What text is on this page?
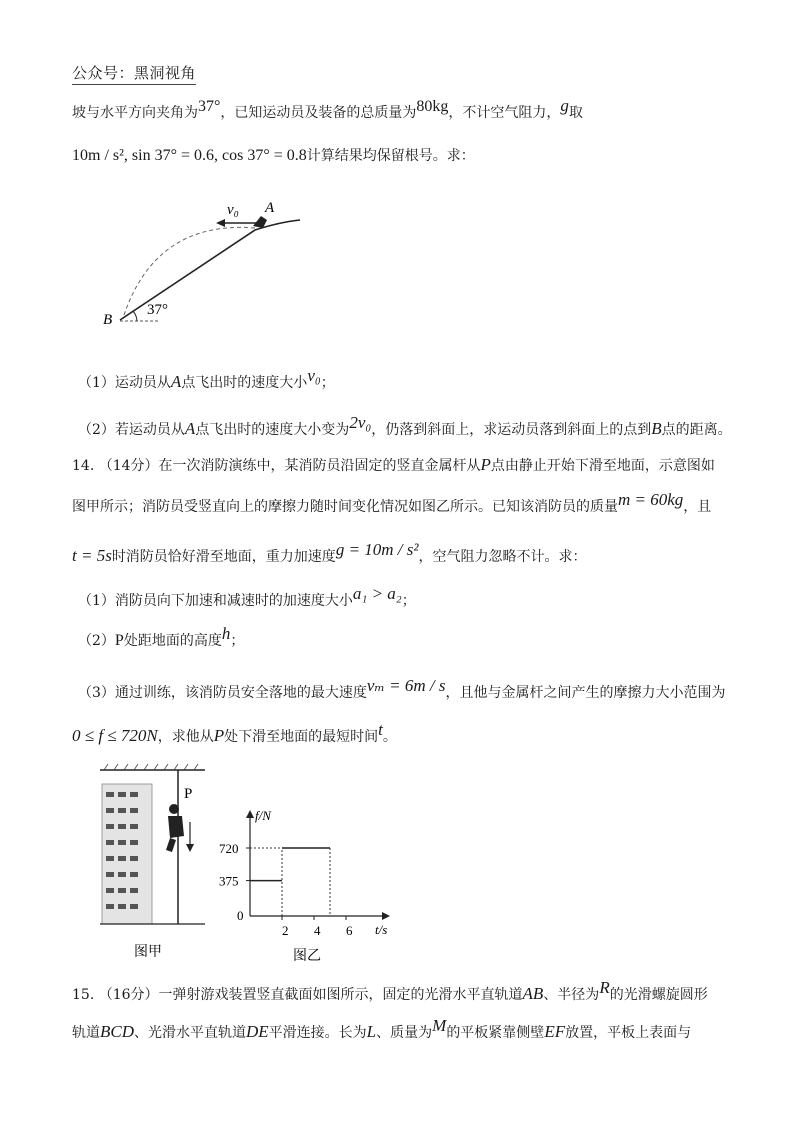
公众号：黑洞视角
坡与水平方向夹角为37°，已知运动员及装备的总质量为80kg，不计空气阻力，g取
10m / s², sin 37° = 0.6, cos 37° = 0.8计算结果均保留根号。求：
v₀ A
B
37°
（1）运动员从A点飞出时的速度大小v₀；
（2）若运动员从A点飞出时的速度大小变为2v₀，仍落到斜面上，求运动员落到斜面上的点到B点的距离。
14. （14分）在一次消防演练中，某消防员沿固定的竖直金属杆从P点由静止开始下滑至地面，示意图如
图甲所示；消防员受竖直向上的摩擦力随时间变化情况如图乙所示。已知该消防员的质量m = 60kg，且
t = 5s时消防员恰好滑至地面，重力加速度g = 10m / s²，空气阻力忽略不计。求：
（1）消防员向下加速和减速时的加速度大小a₁ > a₂；
（2）P处距地面的高度h；
（3）通过训练，该消防员安全落地的最大速度vₘ = 6m / s，且他与金属杆之间产生的摩擦力大小范围为
0 ≤ f ≤ 720N，求他从P处下滑至地面的最短时间t。
P
图甲
f/N
t/s
720
375
0
2 4 6
图乙
15. （16分）一弹射游戏装置竖直截面如图所示，固定的光滑水平直轨道AB、半径为R的光滑螺旋圆形
轨道BCD、光滑水平直轨道DE平滑连接。长为L、质量为M的平板紧靠侧壁EF放置，平板上表面与
